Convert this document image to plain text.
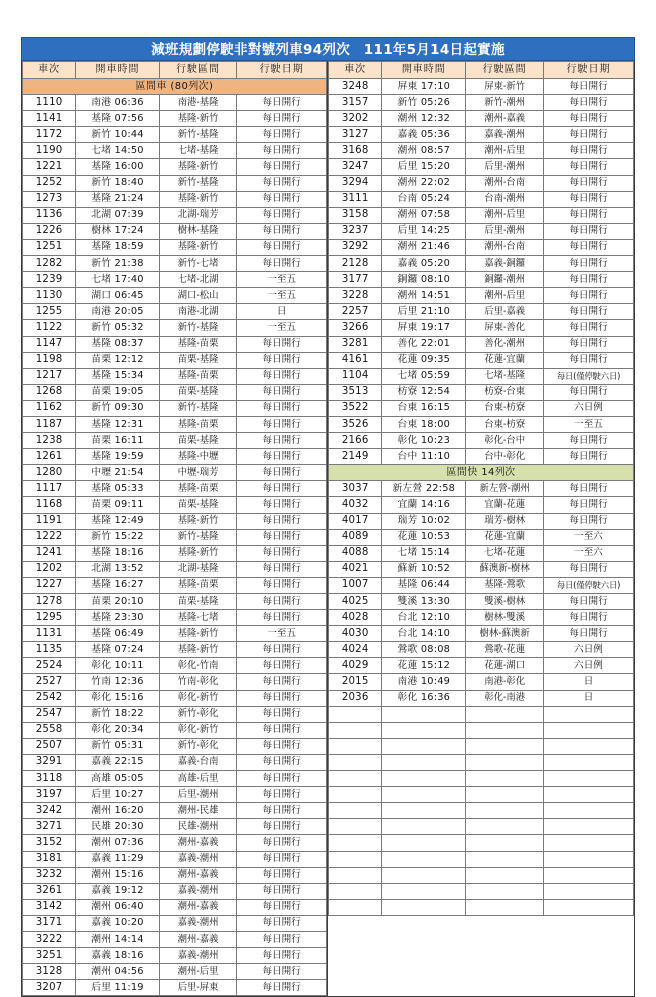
減班規劃停駛非對號列車94列次　111年5月14日起實施
車次	開車時間	行駛區間	行駛日期
區間車 (80列次)			
1110	南港 06:36	南港-基隆	每日開行
1141	基隆 07:56	基隆-新竹	每日開行
1172	新竹 10:44	新竹-基隆	每日開行
1190	七堵 14:50	七堵-基隆	每日開行
1221	基隆 16:00	基隆-新竹	每日開行
1252	新竹 18:40	新竹-基隆	每日開行
1273	基隆 21:24	基隆-新竹	每日開行
1136	北湖 07:39	北湖-瑞芳	每日開行
1226	樹林 17:24	樹林-基隆	每日開行
1251	基隆 18:59	基隆-新竹	每日開行
1282	新竹 21:38	新竹-七堵	每日開行
1239	七堵 17:40	七堵-北湖	一至五
1130	湖口 06:45	湖口-松山	一至五
1255	南港 20:05	南港-北湖	日
1122	新竹 05:32	新竹-基隆	一至五
1147	基隆 08:37	基隆-苗栗	每日開行
1198	苗栗 12:12	苗栗-基隆	每日開行
1217	基隆 15:34	基隆-苗栗	每日開行
1268	苗栗 19:05	苗栗-基隆	每日開行
1162	新竹 09:30	新竹-基隆	每日開行
1187	基隆 12:31	基隆-苗栗	每日開行
1238	苗栗 16:11	苗栗-基隆	每日開行
1261	基隆 19:59	基隆-中壢	每日開行
1280	中壢 21:54	中壢-瑞芳	每日開行
1117	基隆 05:33	基隆-苗栗	每日開行
1168	苗栗 09:11	苗栗-基隆	每日開行
1191	基隆 12:49	基隆-新竹	每日開行
1222	新竹 15:22	新竹-基隆	每日開行
1241	基隆 18:16	基隆-新竹	每日開行
1202	北湖 13:52	北湖-基隆	每日開行
1227	基隆 16:27	基隆-苗栗	每日開行
1278	苗栗 20:10	苗栗-基隆	每日開行
1295	基隆 23:30	基隆-七堵	每日開行
1131	基隆 06:49	基隆-新竹	一至五
1135	基隆 07:24	基隆-新竹	每日開行
2524	彰化 10:11	彰化-竹南	每日開行
2527	竹南 12:36	竹南-彰化	每日開行
2542	彰化 15:16	彰化-新竹	每日開行
2547	新竹 18:22	新竹-彰化	每日開行
2558	彰化 20:34	彰化-新竹	每日開行
2507	新竹 05:31	新竹-彰化	每日開行
3291	嘉義 22:15	嘉義-台南	每日開行
3118	高雄 05:05	高雄-后里	每日開行
3197	后里 10:27	后里-潮州	每日開行
3242	潮州 16:20	潮州-民雄	每日開行
3271	民雄 20:30	民雄-潮州	每日開行
3152	潮州 07:36	潮州-嘉義	每日開行
3181	嘉義 11:29	嘉義-潮州	每日開行
3232	潮州 15:16	潮州-嘉義	每日開行
3261	嘉義 19:12	嘉義-潮州	每日開行
3142	潮州 06:40	潮州-嘉義	每日開行
3171	嘉義 10:20	嘉義-潮州	每日開行
3222	潮州 14:14	潮州-嘉義	每日開行
3251	嘉義 18:16	嘉義-潮州	每日開行
3128	潮州 04:56	潮州-后里	每日開行
3207	后里 11:19	后里-屏東	每日開行
車次	開車時間	行駛區間	行駛日期
3248	屏東 17:10	屏東-新竹	每日開行
3157	新竹 05:26	新竹-潮州	每日開行
3202	潮州 12:32	潮州-嘉義	每日開行
3127	嘉義 05:36	嘉義-潮州	每日開行
3168	潮州 08:57	潮州-后里	每日開行
3247	后里 15:20	后里-潮州	每日開行
3294	潮州 22:02	潮州-台南	每日開行
3111	台南 05:24	台南-潮州	每日開行
3158	潮州 07:58	潮州-后里	每日開行
3237	后里 14:25	后里-潮州	每日開行
3292	潮州 21:46	潮州-台南	每日開行
2128	嘉義 05:20	嘉義-銅鑼	每日開行
3177	銅鑼 08:10	銅鑼-潮州	每日開行
3228	潮州 14:51	潮州-后里	每日開行
2257	后里 21:10	后里-嘉義	每日開行
3266	屏東 19:17	屏東-善化	每日開行
3281	善化 22:01	善化-潮州	每日開行
4161	花蓮 09:35	花蓮-宜蘭	每日開行
1104	七堵 05:59	七堵-基隆	每日(僅停駛六日)
3513	枋寮 12:54	枋寮-台東	每日開行
3522	台東 16:15	台東-枋寮	六日例
3526	台東 18:00	台東-枋寮	一至五
2166	彰化 10:23	彰化-台中	每日開行
2149	台中 11:10	台中-彰化	每日開行
區間快 14列次			
3037	新左營 22:58	新左營-潮州	每日開行
4032	宜蘭 14:16	宜蘭-花蓮	每日開行
4017	瑞芳 10:02	瑞芳-樹林	每日開行
4089	花蓮 10:53	花蓮-宜蘭	一至六
4088	七堵 15:14	七堵-花蓮	一至六
4021	蘇新 10:52	蘇澳新-樹林	每日開行
1007	基隆 06:44	基隆-鶯歌	每日(僅停駛六日)
4025	雙溪 13:30	雙溪-樹林	每日開行
4028	台北 12:10	樹林-雙溪	每日開行
4030	台北 14:10	樹林-蘇澳新	每日開行
4024	鶯歌 08:08	鶯歌-花蓮	六日例
4029	花蓮 15:12	花蓮-湖口	六日例
2015	南港 10:49	南港-彰化	日
2036	彰化 16:36	彰化-南港	日
